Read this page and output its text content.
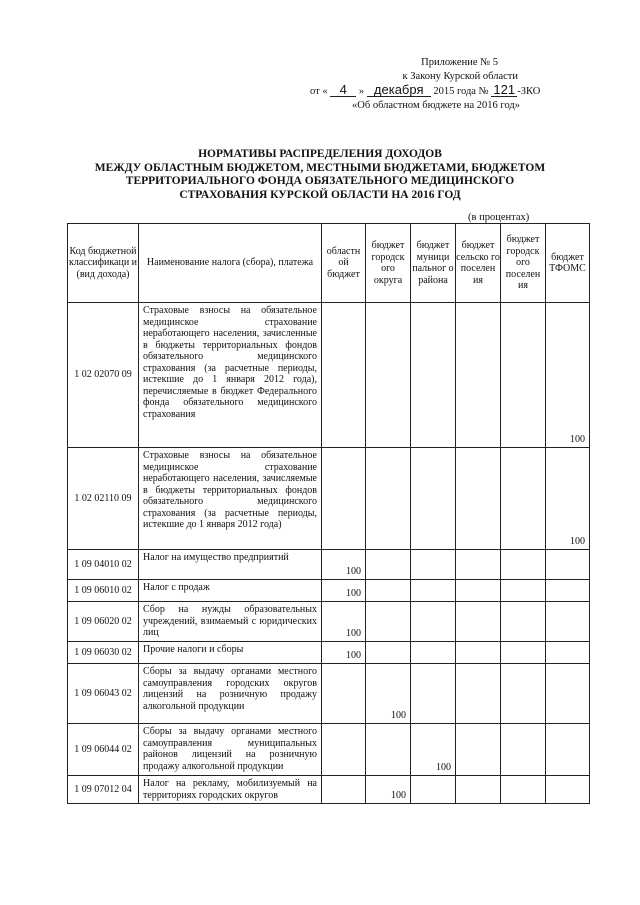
Приложение № 5
к Закону Курской области
от « 4 » декабря 2015 года № 121 -ЗКО
«Об областном бюджете на 2016 год»
НОРМАТИВЫ РАСПРЕДЕЛЕНИЯ ДОХОДОВ
МЕЖДУ ОБЛАСТНЫМ БЮДЖЕТОМ, МЕСТНЫМИ БЮДЖЕТАМИ, БЮДЖЕТОМ
ТЕРРИТОРИАЛЬНОГО ФОНДА ОБЯЗАТЕЛЬНОГО МЕДИЦИНСКОГО
СТРАХОВАНИЯ КУРСКОЙ ОБЛАСТИ НА 2016 ГОД
(в процентах)
Код бюджетной классификаци и (вид дохода)	Наименование налога (сбора), платежа	областн ой бюджет	бюджет городск ого округа	бюджет муници пальног о района	бюджет сельско го поселен ия	бюджет городск ого поселен ия	бюджет ТФОМС
1 02 02070 09	Страховые взносы на обязательное медицинское страхование неработающего населения, зачисленные в бюджеты территориальных фондов обязательного медицинского страхования (за расчетные периоды, истекшие до 1 января 2012 года), перечисляемые в бюджет Федерального фонда обязательного медицинского страхования						100
1 02 02110 09	Страховые взносы на обязательное медицинское страхование неработающего населения, зачисляемые в бюджеты территориальных фондов обязательного медицинского страхования (за расчетные периоды, истекшие до 1 января 2012 года)						100
1 09 04010 02	Налог на имущество предприятий	100					
1 09 06010 02	Налог с продаж	100					
1 09 06020 02	Сбор на нужды образовательных учреждений, взимаемый с юридических лиц	100					
1 09 06030 02	Прочие налоги и сборы	100					
1 09 06043 02	Сборы за выдачу органами местного самоуправления городских округов лицензий на розничную продажу алкогольной продукции		100				
1 09 06044 02	Сборы за выдачу органами местного самоуправления муниципальных районов лицензий на розничную продажу алкогольной продукции			100			
1 09 07012 04	Налог на рекламу, мобилизуемый на территориях городских округов		100				
